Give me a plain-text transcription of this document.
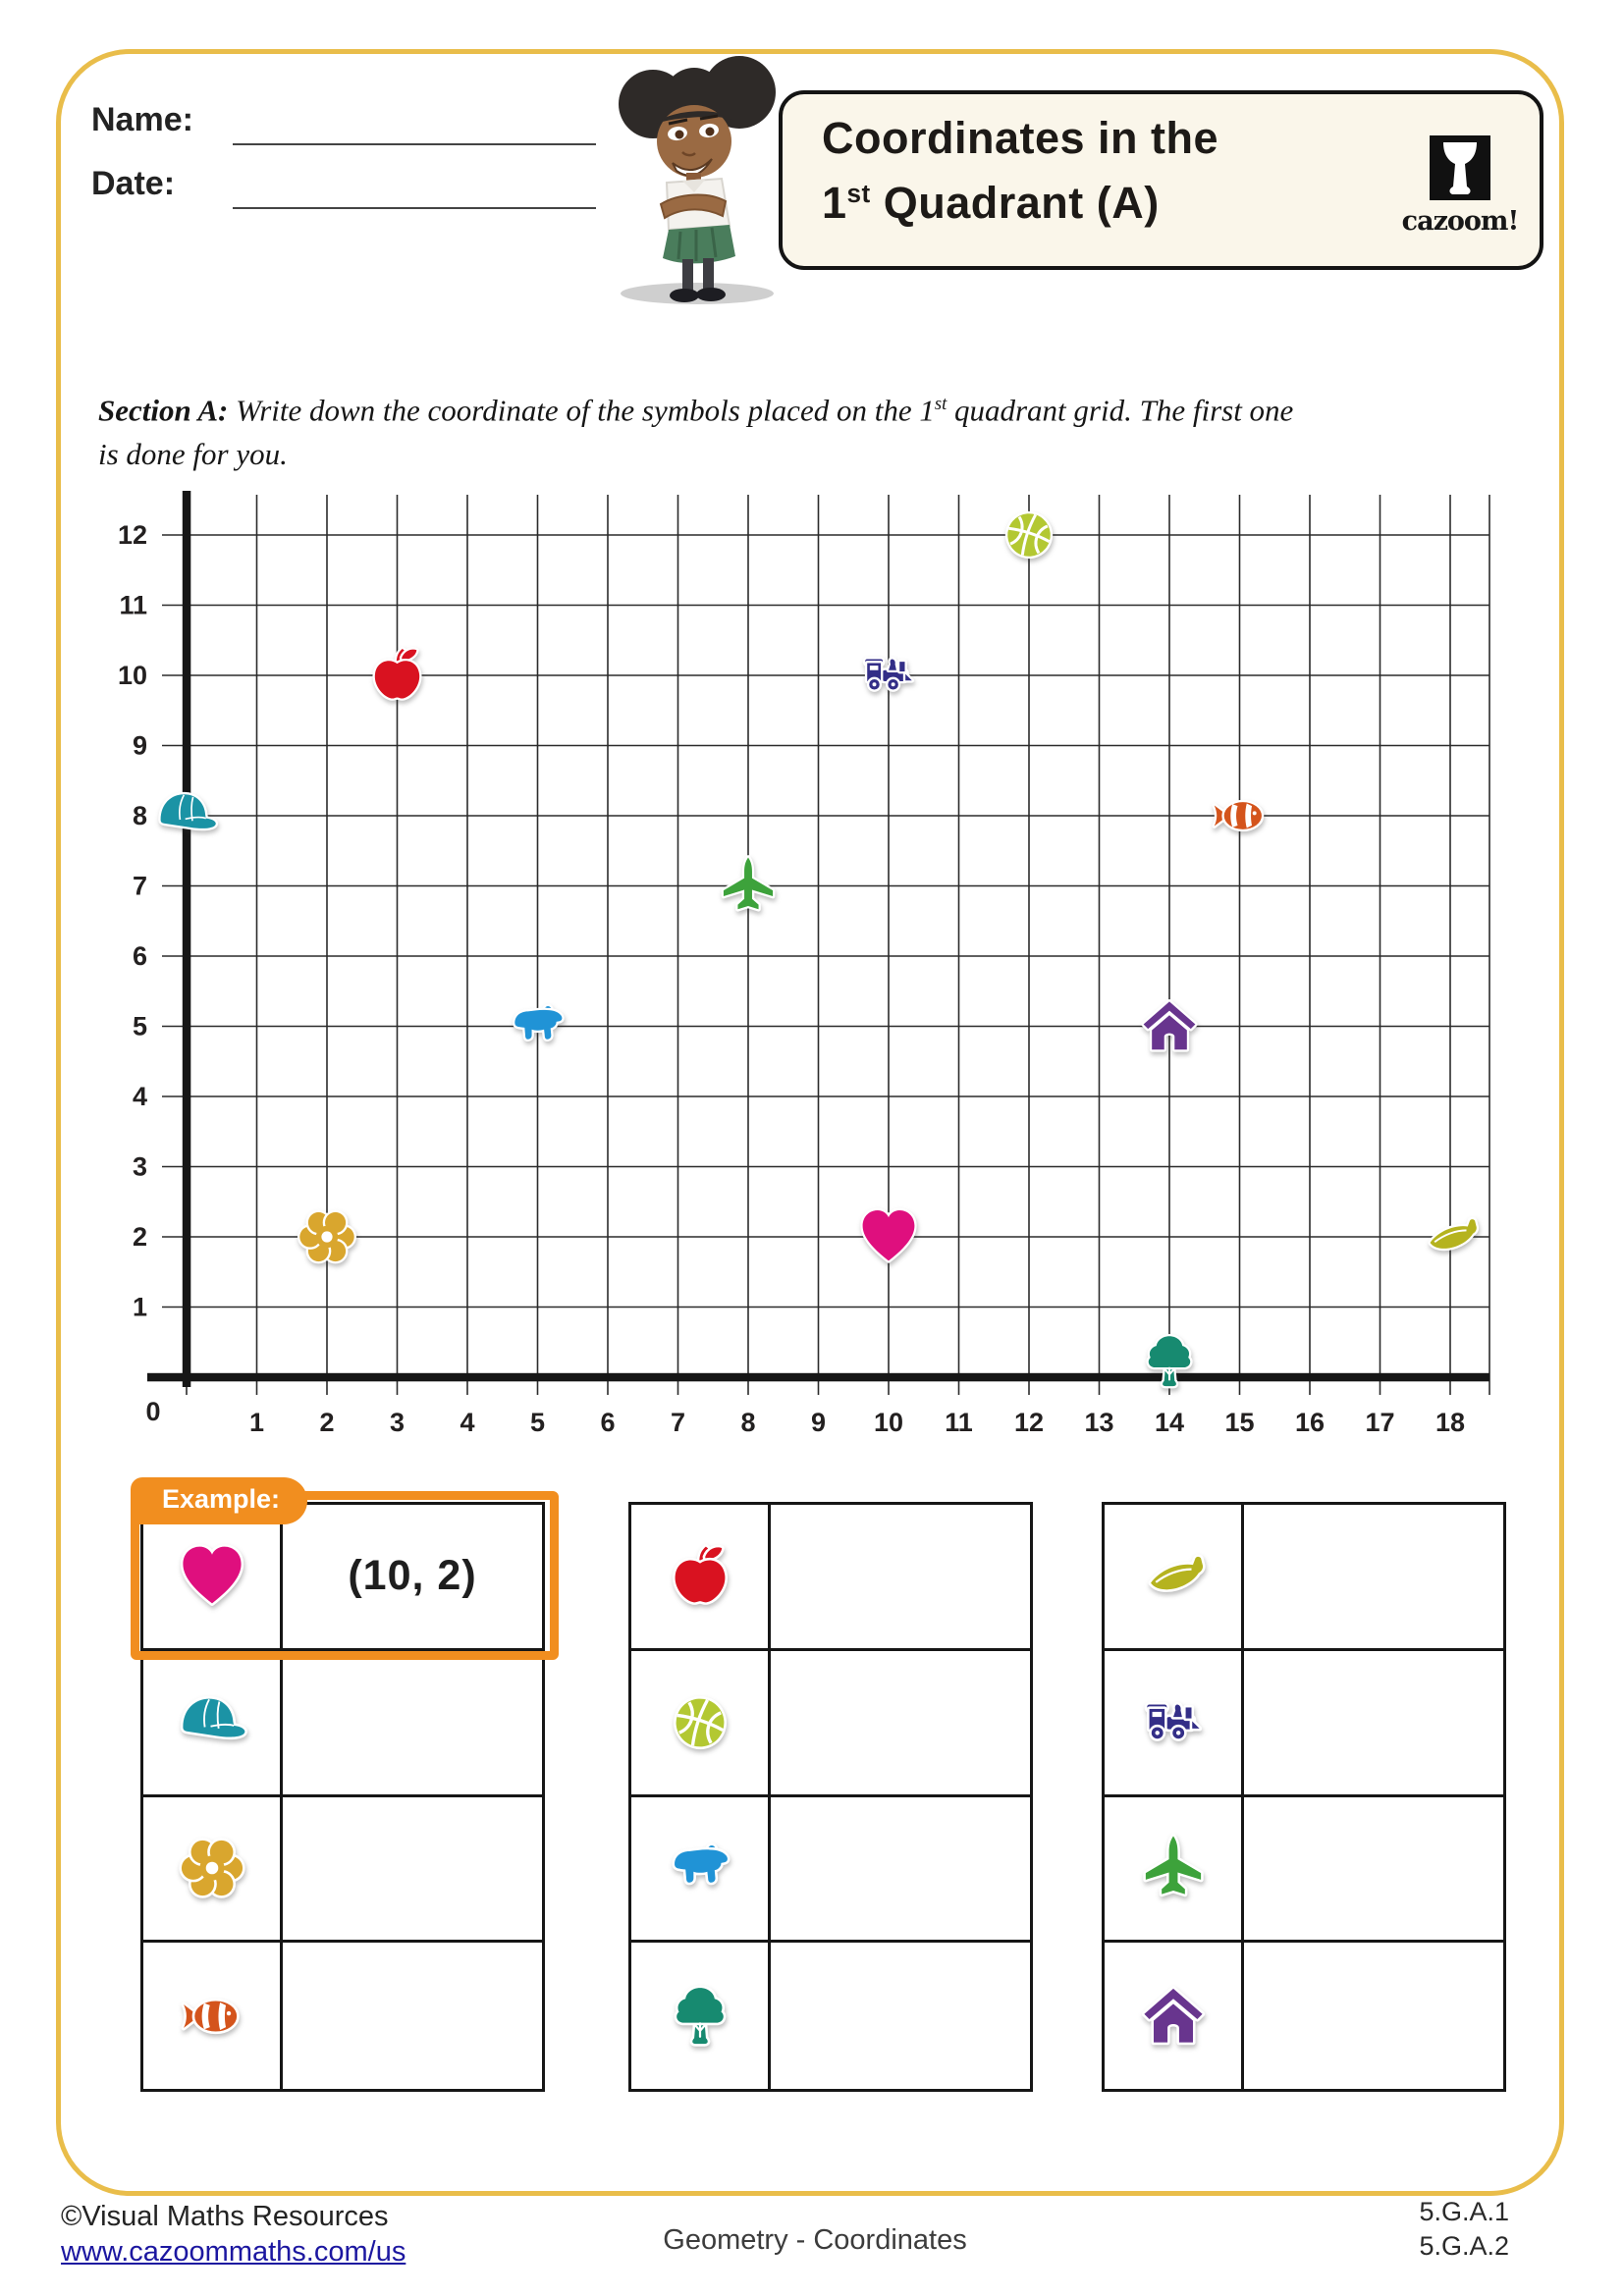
Name:
Date:
Coordinates in the
1st Quadrant (A)	cazoom!

Section A: Write down the coordinate of the symbols placed on the 1st quadrant grid. The first one
is done for you.

0	1 2 3 4 5 6 7 8 9 10 11 12 13 14 15 16 17 18
1
2
3
4
5
6
7
8
9
10
11
12
(10, 2)
Example:
©Visual Maths Resources
www.cazoommaths.com/us	Geometry - Coordinates
5.G.A.1
5.G.A.2
